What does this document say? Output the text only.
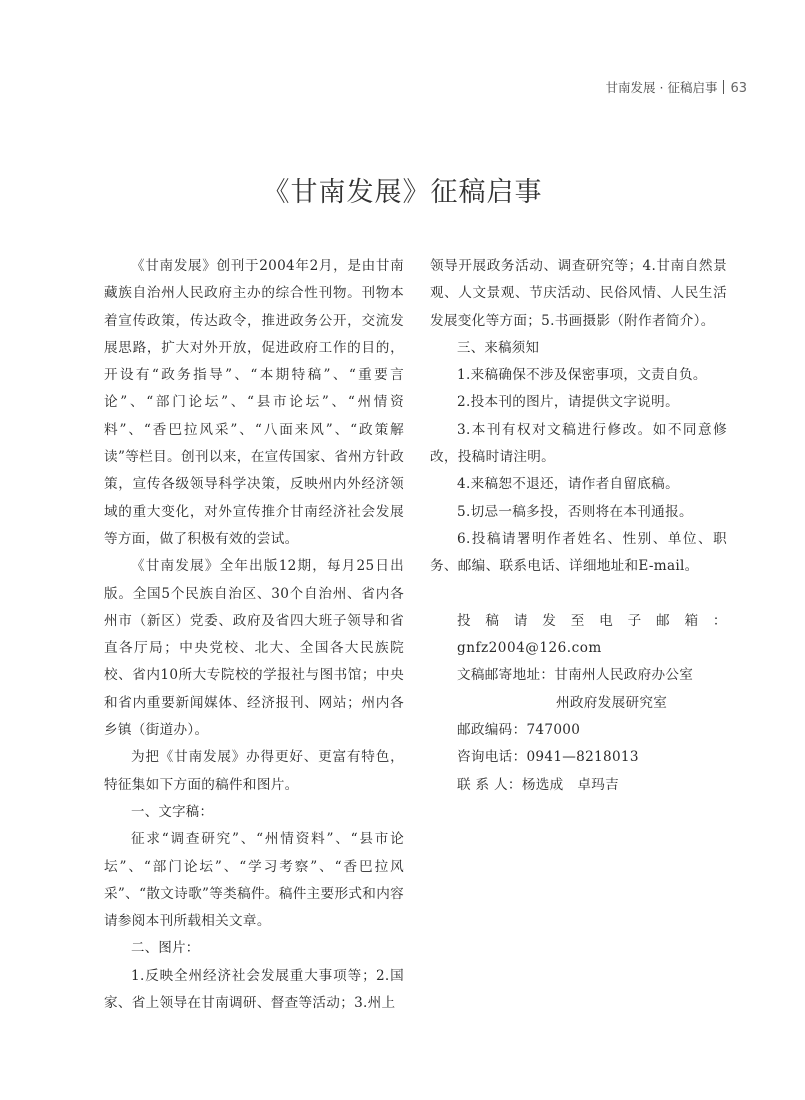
甘南发展 · 征稿启事 63
《甘南发展》征稿启事

《甘南发展》创刊于2004年2月，是由甘南藏族自治州人民政府主办的综合性刊物。刊物本着宣传政策，传达政令，推进政务公开，交流发展思路，扩大对外开放，促进政府工作的目的，开设有“政务指导”、“本期特稿”、“重要言论”、“部门论坛”、“县市论坛”、“州情资料”、“香巴拉风采”、“八面来风”、“政策解读”等栏目。创刊以来，在宣传国家、省州方针政策，宣传各级领导科学决策，反映州内外经济领域的重大变化，对外宣传推介甘南经济社会发展等方面，做了积极有效的尝试。

《甘南发展》全年出版12期，每月25日出版。全国5个民族自治区、30个自治州、省内各州市（新区）党委、政府及省四大班子领导和省直各厅局；中央党校、北大、全国各大民族院校、省内10所大专院校的学报社与图书馆；中央和省内重要新闻媒体、经济报刊、网站；州内各乡镇（街道办）。

为把《甘南发展》办得更好、更富有特色，特征集如下方面的稿件和图片。

一、文字稿：

征求“调查研究”、“州情资料”、“县市论坛”、“部门论坛”、“学习考察”、“香巴拉风采”、“散文诗歌”等类稿件。稿件主要形式和内容请参阅本刊所载相关文章。

二、图片：

1.反映全州经济社会发展重大事项等；2.国家、省上领导在甘南调研、督查等活动；3.州上

领导开展政务活动、调查研究等；4.甘南自然景观、人文景观、节庆活动、民俗风情、人民生活发展变化等方面；5.书画摄影（附作者简介）。

三、来稿须知

1.来稿确保不涉及保密事项，文责自负。

2.投本刊的图片，请提供文字说明。

3.本刊有权对文稿进行修改。如不同意修改，投稿时请注明。

4.来稿恕不退还，请作者自留底稿。

5.切忌一稿多投，否则将在本刊通报。

6.投稿请署明作者姓名、性别、单位、职务、邮编、联系电话、详细地址和E-mail。

投稿请发至电子邮箱：gnfz2004@126.com

文稿邮寄地址：甘南州人民政府办公室

州政府发展研究室

邮政编码：747000

咨询电话：0941—8218013

联 系 人：杨选成　卓玛吉
